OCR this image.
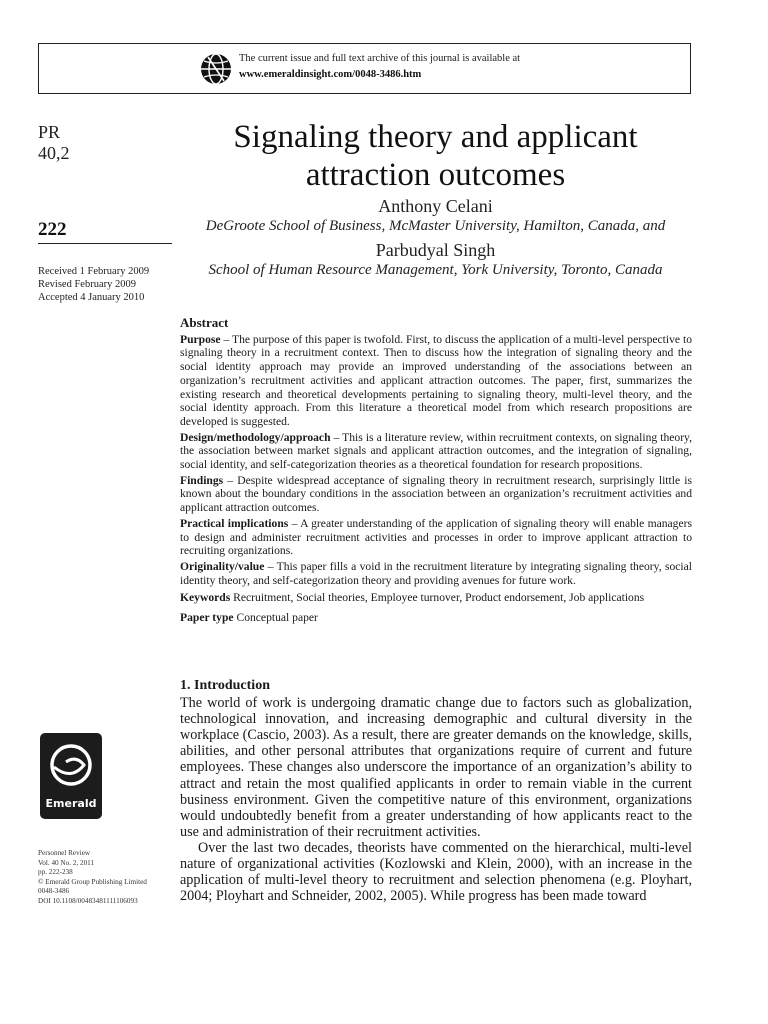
The current issue and full text archive of this journal is available at
www.emeraldinsight.com/0048-3486.htm
PR
40,2
222
Received 1 February 2009
Revised February 2009
Accepted 4 January 2010
Signaling theory and applicant attraction outcomes
Anthony Celani
DeGroote School of Business, McMaster University, Hamilton, Canada, and
Parbudyal Singh
School of Human Resource Management, York University, Toronto, Canada
Abstract

Purpose – The purpose of this paper is twofold. First, to discuss the application of a multi-level perspective to signaling theory in a recruitment context. Then to discuss how the integration of signaling theory and the social identity approach may provide an improved understanding of the associations between an organization’s recruitment activities and applicant attraction outcomes. The paper, first, summarizes the existing research and theoretical developments pertaining to signaling theory, multi-level theory, and the social identity approach. From this literature a theoretical model from which research propositions are developed is suggested.

Design/methodology/approach – This is a literature review, within recruitment contexts, on signaling theory, the association between market signals and applicant attraction outcomes, and the integration of signaling, social identity, and self-categorization theories as a theoretical foundation for research propositions.

Findings – Despite widespread acceptance of signaling theory in recruitment research, surprisingly little is known about the boundary conditions in the association between an organization’s recruitment activities and applicant attraction outcomes.

Practical implications – A greater understanding of the application of signaling theory will enable managers to design and administer recruitment activities and processes in order to improve applicant attraction to recruiting organizations.

Originality/value – This paper fills a void in the recruitment literature by integrating signaling theory, social identity theory, and self-categorization theory and providing avenues for future work.

Keywords Recruitment, Social theories, Employee turnover, Product endorsement, Job applications

Paper type Conceptual paper

1. Introduction

The world of work is undergoing dramatic change due to factors such as globalization, technological innovation, and increasing demographic and cultural diversity in the workplace (Cascio, 2003). As a result, there are greater demands on the knowledge, skills, abilities, and other personal attributes that organizations require of current and future employees. These changes also underscore the importance of an organization’s ability to attract and retain the most qualified applicants in order to remain viable in the current business environment. Given the competitive nature of this environment, organizations would undoubtedly benefit from a greater understanding of how applicants react to the use and administration of their recruitment activities.

Over the last two decades, theorists have commented on the hierarchical, multi-level nature of organizational activities (Kozlowski and Klein, 2000), with an increase in the application of multi-level theory to recruitment and selection phenomena (e.g. Ployhart, 2004; Ployhart and Schneider, 2002, 2005). While progress has been made toward

Emerald
Personnel Review
Vol. 40 No. 2, 2011
pp. 222-238
© Emerald Group Publishing Limited
0048-3486
DOI 10.1108/00483481111106093
